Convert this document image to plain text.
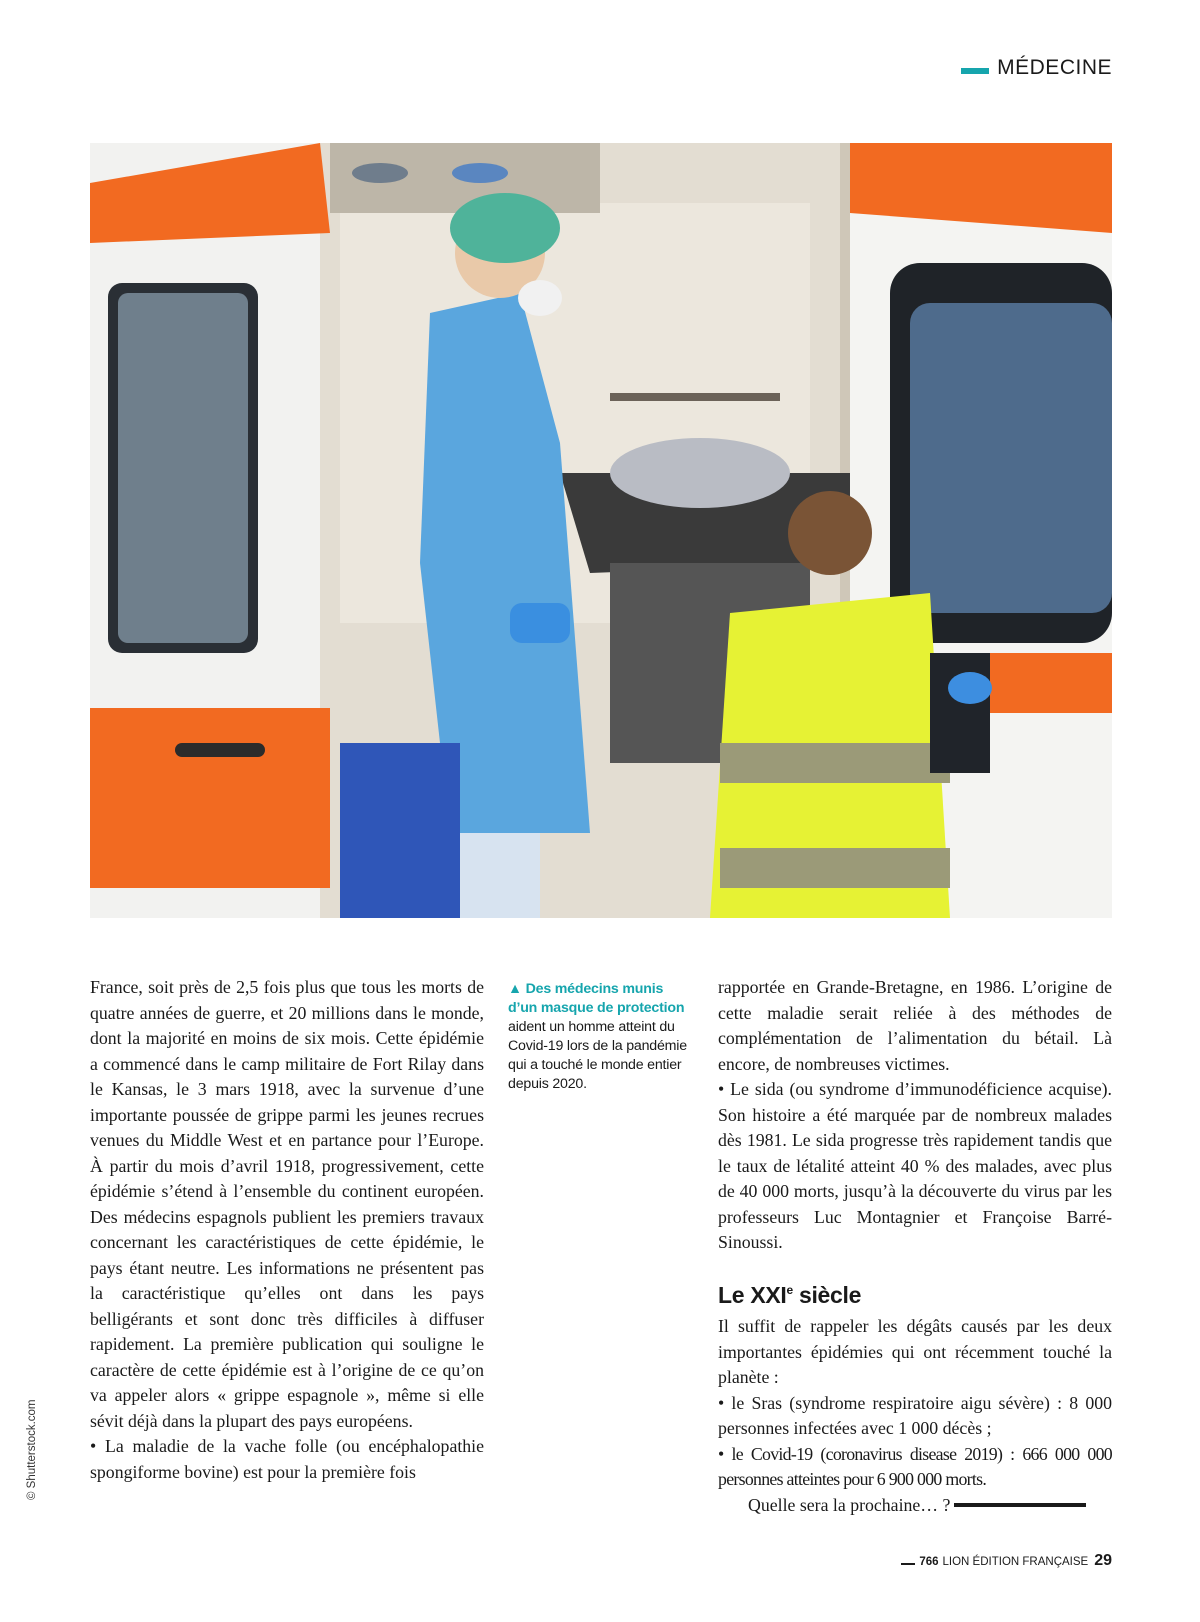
MÉDECINE
© Shutterstock.com

France, soit près de 2,5 fois plus que tous les morts de quatre années de guerre, et 20 millions dans le monde, dont la majorité en moins de six mois. Cette épidémie a commencé dans le camp militaire de Fort Rilay dans le Kansas, le 3 mars 1918, avec la survenue d’une importante poussée de grippe parmi les jeunes recrues venues du Middle West et en partance pour l’Europe. À partir du mois d’avril 1918, progressivement, cette épidémie s’étend à l’ensemble du continent européen. Des médecins espagnols publient les premiers travaux concernant les caractéristiques de cette épidémie, le pays étant neutre. Les informations ne présentent pas la caractéristique qu’elles ont dans les pays belligérants et sont donc très difficiles à diffuser rapidement. La première publication qui souligne le caractère de cette épidémie est à l’origine de ce qu’on va appeler alors « grippe espagnole », même si elle sévit déjà dans la plupart des pays européens.

• La maladie de la vache folle (ou encéphalopathie spongiforme bovine) est pour la première fois

▲ Des médecins munis d’un masque de protection aident un homme atteint du Covid-19 lors de la pandémie qui a touché le monde entier depuis 2020.

rapportée en Grande-Bretagne, en 1986. L’origine de cette maladie serait reliée à des méthodes de complémentation de l’alimentation du bétail. Là encore, de nombreuses victimes.

• Le sida (ou syndrome d’immunodéficience acquise). Son histoire a été marquée par de nombreux malades dès 1981. Le sida progresse très rapidement tandis que le taux de létalité atteint 40 % des malades, avec plus de 40 000 morts, jusqu’à la découverte du virus par les professeurs Luc Montagnier et Françoise Barré-Sinoussi.

Le XXIe siècle

Il suffit de rappeler les dégâts causés par les deux importantes épidémies qui ont récemment touché la planète :

• le Sras (syndrome respiratoire aigu sévère) : 8 000 personnes infectées avec 1 000 décès ;

• le Covid-19 (coronavirus disease 2019) : 666 000 000 personnes atteintes pour 6 900 000 morts.

Quelle sera la prochaine… ?

766 LION ÉDITION FRANÇAISE 29
